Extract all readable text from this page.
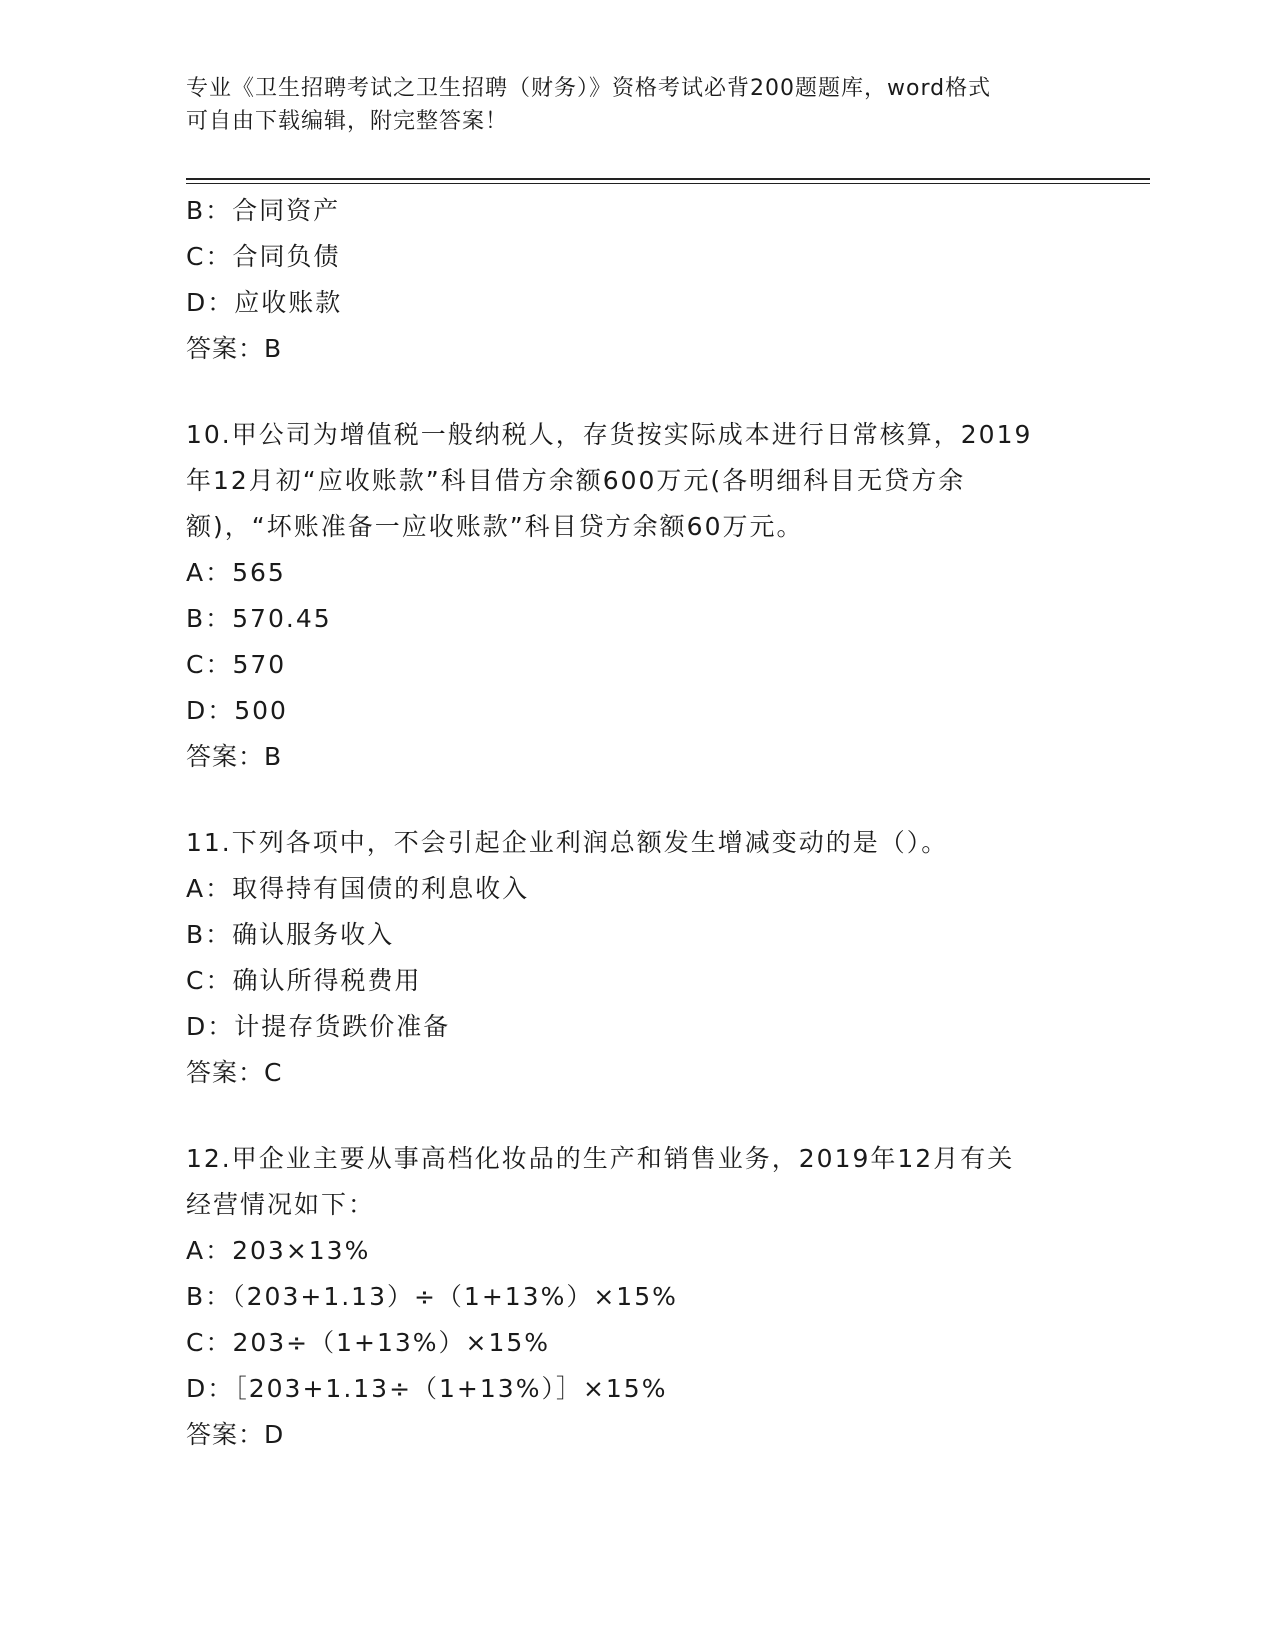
专业《卫生招聘考试之卫生招聘（财务）》资格考试必背200题题库，word格式
可自由下载编辑，附完整答案！
B：合同资产
C：合同负债
D：应收账款
答案：B
10.甲公司为增值税一般纳税人，存货按实际成本进行日常核算，2019
年12月初“应收账款”科目借方余额600万元(各明细科目无贷方余
额)，“坏账准备一应收账款”科目贷方余额60万元。
A：565
B：570.45
C：570
D：500
答案：B
11.下列各项中，不会引起企业利润总额发生增减变动的是（）。
A：取得持有国债的利息收入
B：确认服务收入
C：确认所得税费用
D：计提存货跌价准备
答案：C
12.甲企业主要从事高档化妆品的生产和销售业务，2019年12月有关
经营情况如下：
A：203×13%
B：（203+1.13）÷（1+13%）×15%
C：203÷（1+13%）×15%
D：［203+1.13÷（1+13%）］×15%
答案：D
